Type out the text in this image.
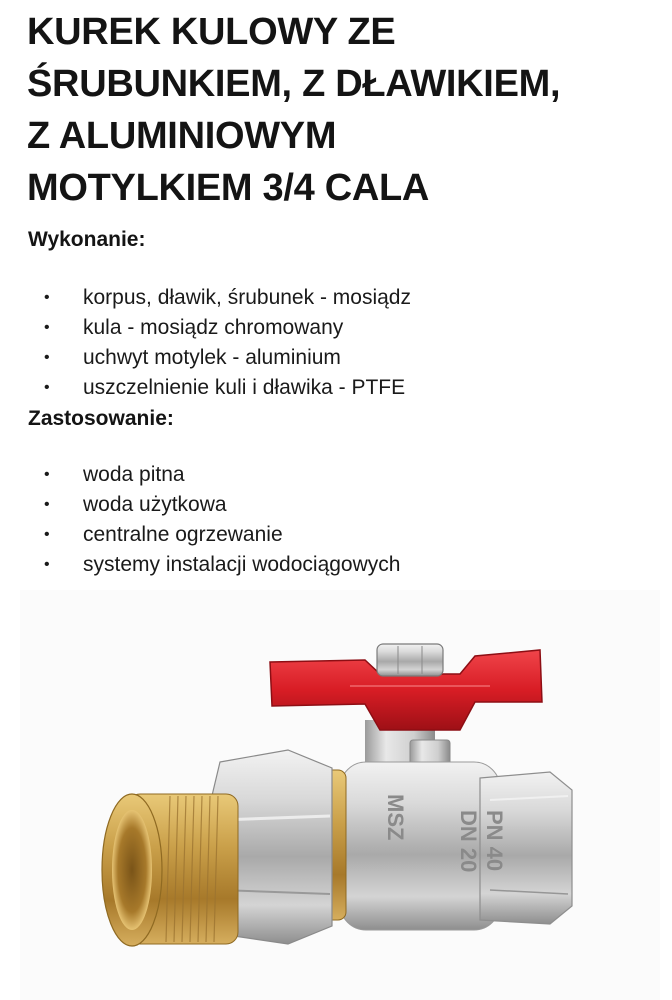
KUREK KULOWY ZE
ŚRUBUNKIEM, Z DŁAWIKIEM,
Z ALUMINIOWYM
MOTYLKIEM 3/4 CALA
Wykonanie:
• korpus, dławik, śrubunek - mosiądz
• kula - mosiądz chromowany
• uchwyt motylek - aluminium
• uszczelnienie kuli i dławika - PTFE
Zastosowanie:
• woda pitna
• woda użytkowa
• centralne ogrzewanie
• systemy instalacji wodociągowych
MSZ DN 20 PN 40
